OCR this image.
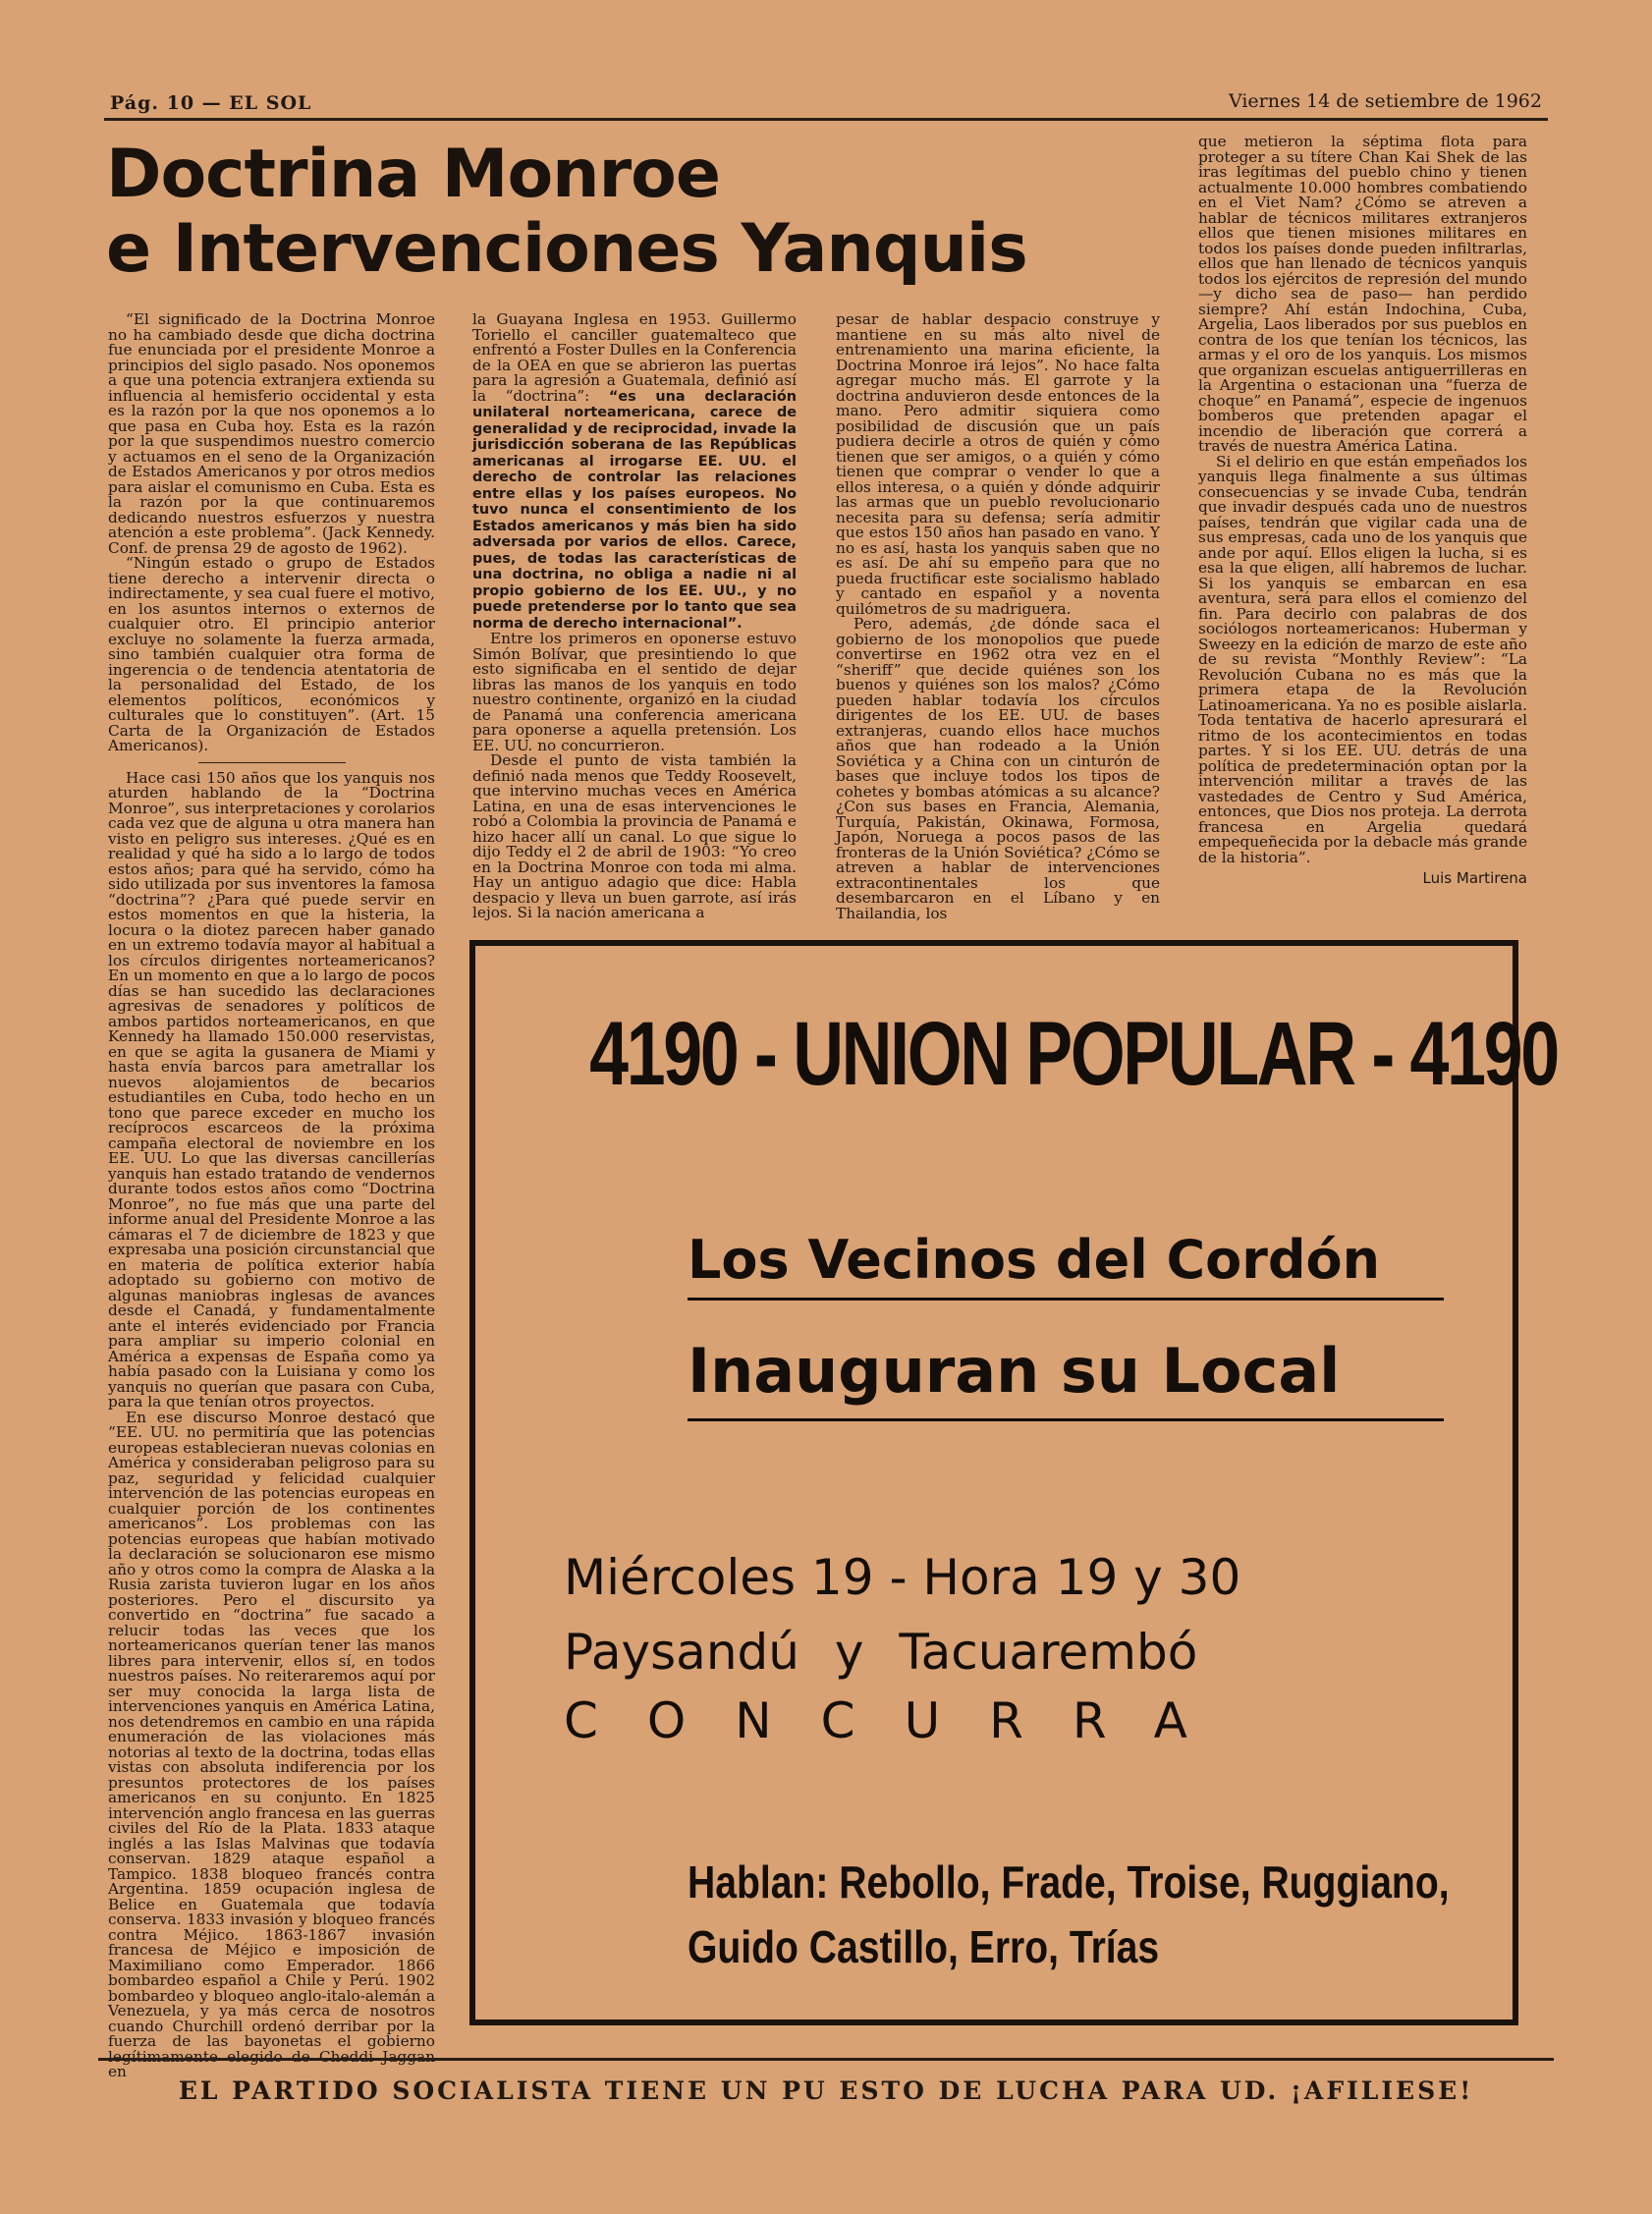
Pág. 10 — EL SOL	Viernes 14 de setiembre de 1962
Doctrina Monroe
e Intervenciones Yanquis

“El significado de la Doctrina Monroe no ha cambiado desde que dicha doctrina fue enunciada por el presidente Monroe a principios del siglo pasado. Nos oponemos a que una potencia extranjera extienda su influencia al hemisferio occidental y esta es la razón por la que nos oponemos a lo que pasa en Cuba hoy. Esta es la razón por la que suspendimos nuestro comercio y actuamos en el seno de la Organización de Estados Americanos y por otros medios para aislar el comunismo en Cuba. Esta es la razón por la que continuaremos dedicando nuestros esfuerzos y nuestra atención a este problema”. (Jack Kennedy. Conf. de prensa 29 de agosto de 1962).

“Ningún estado o grupo de Estados tiene derecho a intervenir directa o indirectamente, y sea cual fuere el motivo, en los asuntos internos o externos de cualquier otro. El principio anterior excluye no solamente la fuerza armada, sino también cualquier otra forma de ingerencia o de tendencia atentatoria de la personalidad del Estado, de los elementos políticos, económicos y culturales que lo constituyen”. (Art. 15 Carta de la Organización de Estados Americanos).

Hace casi 150 años que los yanquis nos aturden hablando de la “Doctrina Monroe”, sus interpretaciones y corolarios cada vez que de alguna u otra manera han visto en peligro sus intereses. ¿Qué es en realidad y qué ha sido a lo largo de todos estos años; para qué ha servido, cómo ha sido utilizada por sus inventores la famosa “doctrina”? ¿Para qué puede servir en estos momentos en que la histeria, la locura o la diotez parecen haber ganado en un extremo todavía mayor al habitual a los círculos dirigentes norteamericanos? En un momento en que a lo largo de pocos días se han sucedido las declaraciones agresivas de senadores y políticos de ambos partidos norteamericanos, en que Kennedy ha llamado 150.000 reservistas, en que se agita la gusanera de Miami y hasta envía barcos para ametrallar los nuevos alojamientos de becarios estudiantiles en Cuba, todo hecho en un tono que parece exceder en mucho los recíprocos escarceos de la próxima campaña electoral de noviembre en los EE. UU. Lo que las diversas cancillerías yanquis han estado tratando de vendernos durante todos estos años como “Doctrina Monroe”, no fue más que una parte del informe anual del Presidente Monroe a las cámaras el 7 de diciembre de 1823 y que expresaba una posición circunstancial que en materia de política exterior había adoptado su gobierno con motivo de algunas maniobras inglesas de avances desde el Canadá, y fundamentalmente ante el interés evidenciado por Francia para ampliar su imperio colonial en América a expensas de España como ya había pasado con la Luisiana y como los yanquis no querían que pasara con Cuba, para la que tenían otros proyectos.

En ese discurso Monroe destacó que “EE. UU. no permitiría que las potencias europeas establecieran nuevas colonias en América y consideraban peligroso para su paz, seguridad y felicidad cualquier intervención de las potencias europeas en cualquier porción de los continentes americanos”. Los problemas con las potencias europeas que habían motivado la declaración se solucionaron ese mismo año y otros como la compra de Alaska a la Rusia zarista tuvieron lugar en los años posteriores. Pero el discursito ya convertido en “doctrina” fue sacado a relucir todas las veces que los norteamericanos querían tener las manos libres para intervenir, ellos sí, en todos nuestros países. No reiteraremos aquí por ser muy conocida la larga lista de intervenciones yanquis en América Latina, nos detendremos en cambio en una rápida enumeración de las violaciones más notorias al texto de la doctrina, todas ellas vistas con absoluta indiferencia por los presuntos protectores de los países americanos en su conjunto. En 1825 intervención anglo francesa en las guerras civiles del Río de la Plata. 1833 ataque inglés a las Islas Malvinas que todavía conservan. 1829 ataque español a Tampico. 1838 bloqueo francés contra Argentina. 1859 ocupación inglesa de Belice en Guatemala que todavía conserva. 1833 invasión y bloqueo francés contra Méjico. 1863-1867 invasión francesa de Méjico e imposición de Maximiliano como Emperador. 1866 bombardeo español a Chile y Perú. 1902 bombardeo y bloqueo anglo-italo-alemán a Venezuela, y ya más cerca de nosotros cuando Churchill ordenó derribar por la fuerza de las bayonetas el gobierno legítimamente elegido de Cheddi Jaggan en

la Guayana Inglesa en 1953. Guillermo Toriello el canciller guatemalteco que enfrentó a Foster Dulles en la Conferencia de la OEA en que se abrieron las puertas para la agresión a Guatemala, definió así la “doctrina”: “es una declaración unilateral norteamericana, carece de generalidad y de reciprocidad, invade la jurisdicción soberana de las Repúblicas americanas al irrogarse EE. UU. el derecho de controlar las relaciones entre ellas y los países europeos. No tuvo nunca el consentimiento de los Estados americanos y más bien ha sido adversada por varios de ellos. Carece, pues, de todas las características de una doctrina, no obliga a nadie ni al propio gobierno de los EE. UU., y no puede pretenderse por lo tanto que sea norma de derecho internacional”.

Entre los primeros en oponerse estuvo Simón Bolívar, que presintiendo lo que esto significaba en el sentido de dejar libras las manos de los yanquis en todo nuestro continente, organizó en la ciudad de Panamá una conferencia americana para oponerse a aquella pretensión. Los EE. UU. no concurrieron.

Desde el punto de vista también la definió nada menos que Teddy Roosevelt, que intervino muchas veces en América Latina, en una de esas intervenciones le robó a Colombia la provincia de Panamá e hizo hacer allí un canal. Lo que sigue lo dijo Teddy el 2 de abril de 1903: “Yo creo en la Doctrina Monroe con toda mi alma. Hay un antiguo adagio que dice: Habla despacio y lleva un buen garrote, así irás lejos. Si la nación americana a

pesar de hablar despacio construye y mantiene en su más alto nivel de entrenamiento una marina eficiente, la Doctrina Monroe irá lejos”. No hace falta agregar mucho más. El garrote y la doctrina anduvieron desde entonces de la mano. Pero admitir siquiera como posibilidad de discusión que un país pudiera decirle a otros de quién y cómo tienen que ser amigos, o a quién y cómo tienen que comprar o vender lo que a ellos interesa, o a quién y dónde adquirir las armas que un pueblo revolucionario necesita para su defensa; sería admitir que estos 150 años han pasado en vano. Y no es así, hasta los yanquis saben que no es así. De ahí su empeño para que no pueda fructificar este socialismo hablado y cantado en español y a noventa quilómetros de su madriguera.

Pero, además, ¿de dónde saca el gobierno de los monopolios que puede convertirse en 1962 otra vez en el “sheriff” que decide quiénes son los buenos y quiénes son los malos? ¿Cómo pueden hablar todavía los círculos dirigentes de los EE. UU. de bases extranjeras, cuando ellos hace muchos años que han rodeado a la Unión Soviética y a China con un cinturón de bases que incluye todos los tipos de cohetes y bombas atómicas a su alcance? ¿Con sus bases en Francia, Alemania, Turquía, Pakistán, Okinawa, Formosa, Japón, Noruega a pocos pasos de las fronteras de la Unión Soviética? ¿Cómo se atreven a hablar de intervenciones extracontinentales los que desembarcaron en el Líbano y en Thailandia, los

que metieron la séptima flota para proteger a su títere Chan Kai Shek de las iras legítimas del pueblo chino y tienen actualmente 10.000 hombres combatiendo en el Viet Nam? ¿Cómo se atreven a hablar de técnicos militares extranjeros ellos que tienen misiones militares en todos los países donde pueden infiltrarlas, ellos que han llenado de técnicos yanquis todos los ejércitos de represión del mundo —y dicho sea de paso— han perdido siempre? Ahí están Indochina, Cuba, Argelia, Laos liberados por sus pueblos en contra de los que tenían los técnicos, las armas y el oro de los yanquis. Los mismos que organizan escuelas antiguerrilleras en la Argentina o estacionan una “fuerza de choque” en Panamá”, especie de ingenuos bomberos que pretenden apagar el incendio de liberación que correrá a través de nuestra América Latina.

Si el delirio en que están empeñados los yanquis llega finalmente a sus últimas consecuencias y se invade Cuba, tendrán que invadir después cada uno de nuestros países, tendrán que vigilar cada una de sus empresas, cada uno de los yanquis que ande por aquí. Ellos eligen la lucha, si es esa la que eligen, allí habremos de luchar. Si los yanquis se embarcan en esa aventura, será para ellos el comienzo del fin. Para decirlo con palabras de dos sociólogos norteamericanos: Huberman y Sweezy en la edición de marzo de este año de su revista “Monthly Review”: “La Revolución Cubana no es más que la primera etapa de la Revolución Latinoamericana. Ya no es posible aislarla. Toda tentativa de hacerlo apresurará el ritmo de los acontecimientos en todas partes. Y si los EE. UU. detrás de una política de predeterminación optan por la intervención militar a través de las vastedades de Centro y Sud América, entonces, que Dios nos proteja. La derrota francesa en Argelia quedará empequeñecida por la debacle más grande de la historia”.

Luis Martirena
4190 - UNION POPULAR - 4190
Los Vecinos del Cordón
Inauguran su Local
Miércoles 19 - Hora 19 y 30
Paysandú y Tacuarembó
CONCURRA
Hablan: Rebollo, Frade, Troise, Ruggiano,
Guido Castillo, Erro, Trías
EL PARTIDO SOCIALISTA TIENE UN PU ESTO DE LUCHA PARA UD. ¡AFILIESE!
